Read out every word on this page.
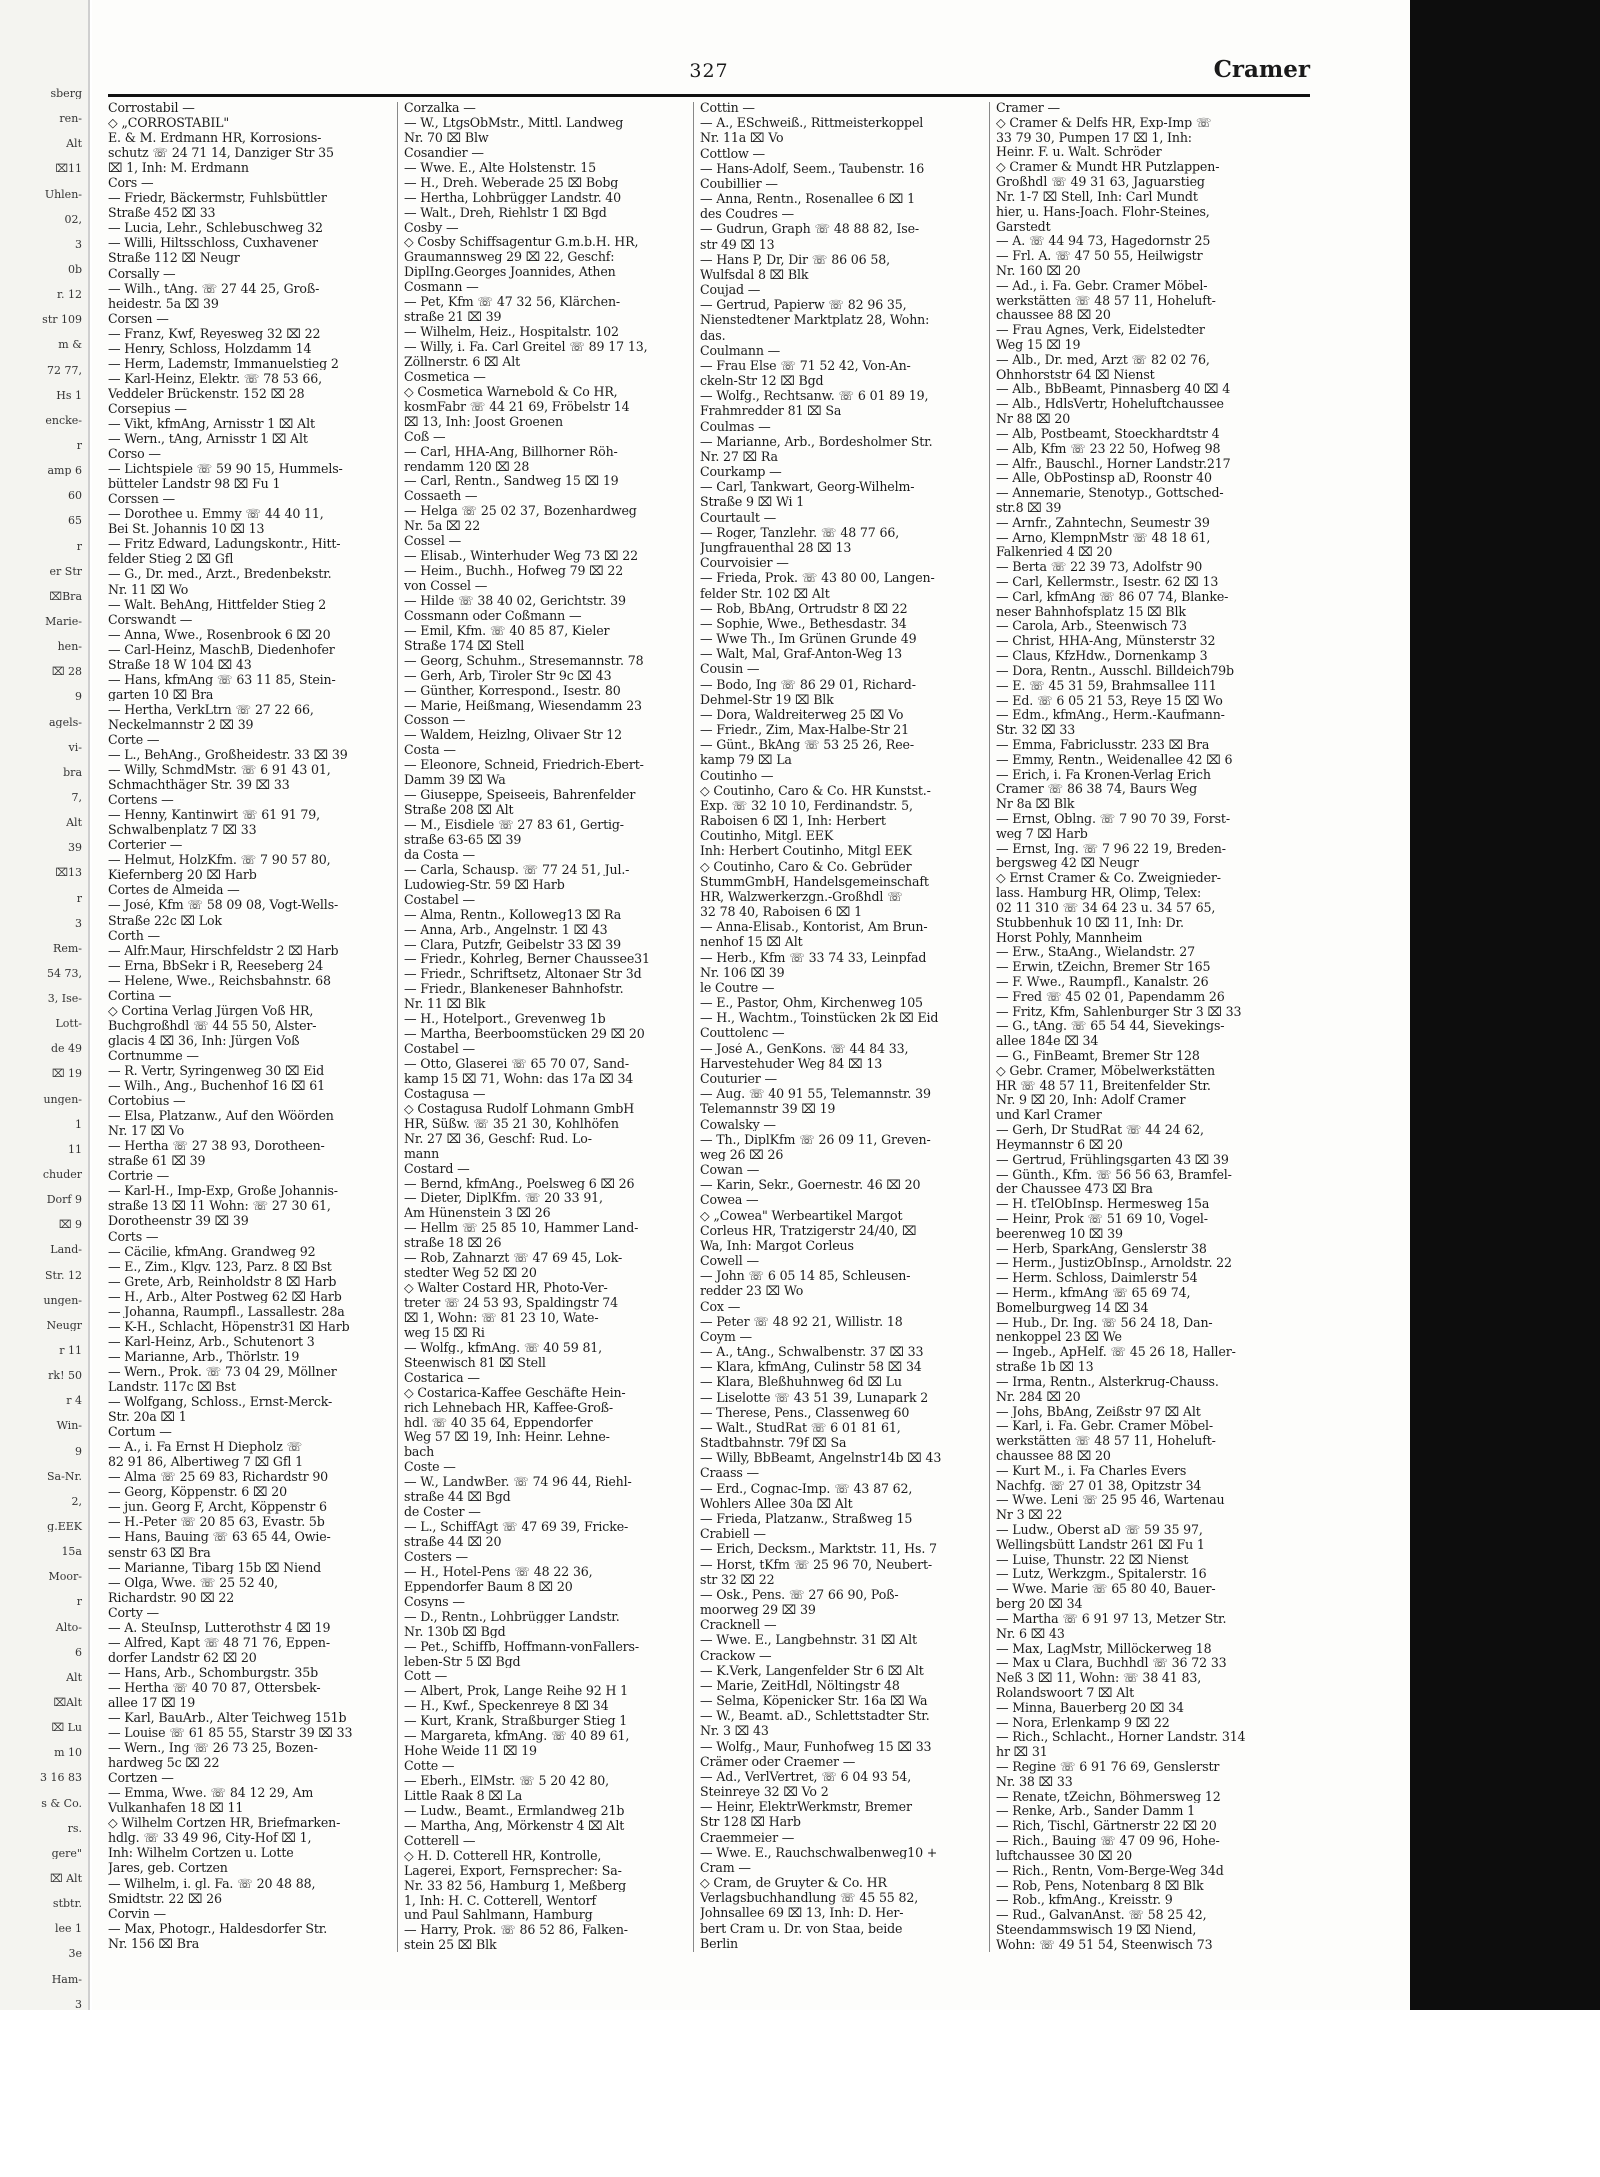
sberg
ren-
Alt
⌧11
Uhlen-
02,
3
0b
r. 12
str 109
m &
72 77,
Hs 1
encke-
r
amp 6
60
65
r
er Str
⌧Bra
Marie-
hen-
⌧ 28
9
agels-
vi-
bra
7,
Alt
39
⌧13
r
3
Rem-
54 73,
3, Ise-
Lott-
de 49
⌧ 19
ungen-
1
11
chuder
Dorf 9
⌧ 9
Land-
Str. 12
ungen-
Neugr
r 11
rk! 50
r 4
Win-
9
Sa-Nr.
2,
g.EEK
15a
Moor-
r
Alto-
6
Alt
⌧Alt
⌧ Lu
m 10
3 16 83
s & Co.
rs.
gere"
⌧ Alt
stbtr.
lee 1
3e
Ham-
3
327	Cramer
Corrostabil —
◇ „CORROSTABIL"
E. & M. Erdmann HR, Korrosions-
schutz ☏ 24 71 14, Danziger Str 35
⌧ 1, Inh: M. Erdmann
Cors —
— Friedr, Bäckermstr, Fuhlsbüttler
Straße 452 ⌧ 33
— Lucia, Lehr., Schlebuschweg 32
— Willi, Hiltsschloss, Cuxhavener
Straße 112 ⌧ Neugr
Corsally —
— Wilh., tAng. ☏ 27 44 25, Groß-
heidestr. 5a ⌧ 39
Corsen —
— Franz, Kwf, Reyesweg 32 ⌧ 22
— Henry, Schloss, Holzdamm 14
— Herm, Lademstr, Immanuelstieg 2
— Karl-Heinz, Elektr. ☏ 78 53 66,
Veddeler Brückenstr. 152 ⌧ 28
Corsepius —
— Vikt, kfmAng, Arnisstr 1 ⌧ Alt
— Wern., tAng, Arnisstr 1 ⌧ Alt
Corso —
— Lichtspiele ☏ 59 90 15, Hummels-
bütteler Landstr 98 ⌧ Fu 1
Corssen —
— Dorothee u. Emmy ☏ 44 40 11,
Bei St. Johannis 10 ⌧ 13
— Fritz Edward, Ladungskontr., Hitt-
felder Stieg 2 ⌧ Gfl
— G., Dr. med., Arzt., Bredenbekstr.
Nr. 11 ⌧ Wo
— Walt. BehAng, Hittfelder Stieg 2
Corswandt —
— Anna, Wwe., Rosenbrook 6 ⌧ 20
— Carl-Heinz, MaschB, Diedenhofer
Straße 18 W 104 ⌧ 43
— Hans, kfmAng ☏ 63 11 85, Stein-
garten 10 ⌧ Bra
— Hertha, VerkLtrn ☏ 27 22 66,
Neckelmannstr 2 ⌧ 39
Corte —
— L., BehAng., Großheidestr. 33 ⌧ 39
— Willy, SchmdMstr. ☏ 6 91 43 01,
Schmachthäger Str. 39 ⌧ 33
Cortens —
— Henny, Kantinwirt ☏ 61 91 79,
Schwalbenplatz 7 ⌧ 33
Corterier —
— Helmut, HolzKfm. ☏ 7 90 57 80,
Kiefernberg 20 ⌧ Harb
Cortes de Almeida —
— José, Kfm ☏ 58 09 08, Vogt-Wells-
Straße 22c ⌧ Lok
Corth —
— Alfr.Maur, Hirschfeldstr 2 ⌧ Harb
— Erna, BbSekr i R, Reeseberg 24
— Helene, Wwe., Reichsbahnstr. 68
Cortina —
◇ Cortina Verlag Jürgen Voß HR,
Buchgroßhdl ☏ 44 55 50, Alster-
glacis 4 ⌧ 36, Inh: Jürgen Voß
Cortnumme —
— R. Vertr, Syringenweg 30 ⌧ Eid
— Wilh., Ang., Buchenhof 16 ⌧ 61
Cortobius —
— Elsa, Platzanw., Auf den Wöörden
Nr. 17 ⌧ Vo
— Hertha ☏ 27 38 93, Dorotheen-
straße 61 ⌧ 39
Cortrie —
— Karl-H., Imp-Exp, Große Johannis-
straße 13 ⌧ 11 Wohn: ☏ 27 30 61,
Dorotheenstr 39 ⌧ 39
Corts —
— Cäcilie, kfmAng. Grandweg 92
— E., Zim., Klgv. 123, Parz. 8 ⌧ Bst
— Grete, Arb, Reinholdstr 8 ⌧ Harb
— H., Arb., Alter Postweg 62 ⌧ Harb
— Johanna, Raumpfl., Lassallestr. 28a
— K-H., Schlacht, Höpenstr31 ⌧ Harb
— Karl-Heinz, Arb., Schutenort 3
— Marianne, Arb., Thörlstr. 19
— Wern., Prok. ☏ 73 04 29, Möllner
Landstr. 117c ⌧ Bst
— Wolfgang, Schloss., Ernst-Merck-
Str. 20a ⌧ 1
Cortum —
— A., i. Fa Ernst H Diepholz ☏
82 91 86, Albertiweg 7 ⌧ Gfl 1
— Alma ☏ 25 69 83, Richardstr 90
— Georg, Köppenstr. 6 ⌧ 20
— jun. Georg F, Archt, Köppenstr 6
— H.-Peter ☏ 20 85 63, Evastr. 5b
— Hans, Bauing ☏ 63 65 44, Owie-
senstr 63 ⌧ Bra
— Marianne, Tibarg 15b ⌧ Niend
— Olga, Wwe. ☏ 25 52 40,
Richardstr. 90 ⌧ 22
Corty —
— A. SteuInsp, Lutterothstr 4 ⌧ 19
— Alfred, Kapt ☏ 48 71 76, Eppen-
dorfer Landstr 62 ⌧ 20
— Hans, Arb., Schomburgstr. 35b
— Hertha ☏ 40 70 87, Ottersbek-
allee 17 ⌧ 19
— Karl, BauArb., Alter Teichweg 151b
— Louise ☏ 61 85 55, Starstr 39 ⌧ 33
— Wern., Ing ☏ 26 73 25, Bozen-
hardweg 5c ⌧ 22
Cortzen —
— Emma, Wwe. ☏ 84 12 29, Am
Vulkanhafen 18 ⌧ 11
◇ Wilhelm Cortzen HR, Briefmarken-
hdlg. ☏ 33 49 96, City-Hof ⌧ 1,
Inh: Wilhelm Cortzen u. Lotte
Jares, geb. Cortzen
— Wilhelm, i. gl. Fa. ☏ 20 48 88,
Smidtstr. 22 ⌧ 26
Corvin —
— Max, Photogr., Haldesdorfer Str.
Nr. 156 ⌧ Bra
Corzalka —
— W., LtgsObMstr., Mittl. Landweg
Nr. 70 ⌧ Blw
Cosandier —
— Wwe. E., Alte Holstenstr. 15
— H., Dreh. Weberade 25 ⌧ Bobg
— Hertha, Lohbrügger Landstr. 40
— Walt., Dreh, Riehlstr 1 ⌧ Bgd
Cosby —
◇ Cosby Schiffsagentur G.m.b.H. HR,
Graumannsweg 29 ⌧ 22, Geschf:
DiplIng.Georges Joannides, Athen
Cosmann —
— Pet, Kfm ☏ 47 32 56, Klärchen-
straße 21 ⌧ 39
— Wilhelm, Heiz., Hospitalstr. 102
— Willy, i. Fa. Carl Greitel ☏ 89 17 13,
Zöllnerstr. 6 ⌧ Alt
Cosmetica —
◇ Cosmetica Warnebold & Co HR,
kosmFabr ☏ 44 21 69, Fröbelstr 14
⌧ 13, Inh: Joost Groenen
Coß —
— Carl, HHA-Ang, Billhorner Röh-
rendamm 120 ⌧ 28
— Carl, Rentn., Sandweg 15 ⌧ 19
Cossaeth —
— Helga ☏ 25 02 37, Bozenhardweg
Nr. 5a ⌧ 22
Cossel —
— Elisab., Winterhuder Weg 73 ⌧ 22
— Heim., Buchh., Hofweg 79 ⌧ 22
von Cossel —
— Hilde ☏ 38 40 02, Gerichtstr. 39
Cossmann oder Coßmann —
— Emil, Kfm. ☏ 40 85 87, Kieler
Straße 174 ⌧ Stell
— Georg, Schuhm., Stresemannstr. 78
— Gerh, Arb, Tiroler Str 9c ⌧ 43
— Günther, Korrespond., Isestr. 80
— Marie, Heißmang, Wiesendamm 23
Cosson —
— Waldem, Heizlng, Olivaer Str 12
Costa —
— Eleonore, Schneid, Friedrich-Ebert-
Damm 39 ⌧ Wa
— Giuseppe, Speiseeis, Bahrenfelder
Straße 208 ⌧ Alt
— M., Eisdiele ☏ 27 83 61, Gertig-
straße 63-65 ⌧ 39
da Costa —
— Carla, Schausp. ☏ 77 24 51, Jul.-
Ludowieg-Str. 59 ⌧ Harb
Costabel —
— Alma, Rentn., Kolloweg13 ⌧ Ra
— Anna, Arb., Angelnstr. 1 ⌧ 43
— Clara, Putzfr, Geibelstr 33 ⌧ 39
— Friedr., Kohrleg, Berner Chaussee31
— Friedr., Schriftsetz, Altonaer Str 3d
— Friedr., Blankeneser Bahnhofstr.
Nr. 11 ⌧ Blk
— H., Hotelport., Grevenweg 1b
— Martha, Beerboomstücken 29 ⌧ 20
Costabel —
— Otto, Glaserei ☏ 65 70 07, Sand-
kamp 15 ⌧ 71, Wohn: das 17a ⌧ 34
Costagusa —
◇ Costagusa Rudolf Lohmann GmbH
HR, Süßw. ☏ 35 21 30, Kohlhöfen
Nr. 27 ⌧ 36, Geschf: Rud. Lo-
mann
Costard —
— Bernd, kfmAng., Poelsweg 6 ⌧ 26
— Dieter, DiplKfm. ☏ 20 33 91,
Am Hünenstein 3 ⌧ 26
— Hellm ☏ 25 85 10, Hammer Land-
straße 18 ⌧ 26
— Rob, Zahnarzt ☏ 47 69 45, Lok-
stedter Weg 52 ⌧ 20
◇ Walter Costard HR, Photo-Ver-
treter ☏ 24 53 93, Spaldingstr 74
⌧ 1, Wohn: ☏ 81 23 10, Wate-
weg 15 ⌧ Ri
— Wolfg., kfmAng. ☏ 40 59 81,
Steenwisch 81 ⌧ Stell
Costarica —
◇ Costarica-Kaffee Geschäfte Hein-
rich Lehnebach HR, Kaffee-Groß-
hdl. ☏ 40 35 64, Eppendorfer
Weg 57 ⌧ 19, Inh: Heinr. Lehne-
bach
Coste —
— W., LandwBer. ☏ 74 96 44, Riehl-
straße 44 ⌧ Bgd
de Coster —
— L., SchiffAgt ☏ 47 69 39, Fricke-
straße 44 ⌧ 20
Costers —
— H., Hotel-Pens ☏ 48 22 36,
Eppendorfer Baum 8 ⌧ 20
Cosyns —
— D., Rentn., Lohbrügger Landstr.
Nr. 130b ⌧ Bgd
— Pet., Schiffb, Hoffmann-vonFallers-
leben-Str 5 ⌧ Bgd
Cott —
— Albert, Prok, Lange Reihe 92 H 1
— H., Kwf., Speckenreye 8 ⌧ 34
— Kurt, Krank, Straßburger Stieg 1
— Margareta, kfmAng. ☏ 40 89 61,
Hohe Weide 11 ⌧ 19
Cotte —
— Eberh., ElMstr. ☏ 5 20 42 80,
Little Raak 8 ⌧ La
— Ludw., Beamt., Ermlandweg 21b
— Martha, Ang, Mörkenstr 4 ⌧ Alt
Cotterell —
◇ H. D. Cotterell HR, Kontrolle,
Lagerei, Export, Fernsprecher: Sa-
Nr. 33 82 56, Hamburg 1, Meßberg
1, Inh: H. C. Cotterell, Wentorf
und Paul Sahlmann, Hamburg
— Harry, Prok. ☏ 86 52 86, Falken-
stein 25 ⌧ Blk
Cottin —
— A., ESchweiß., Rittmeisterkoppel
Nr. 11a ⌧ Vo
Cottlow —
— Hans-Adolf, Seem., Taubenstr. 16
Coubillier —
— Anna, Rentn., Rosenallee 6 ⌧ 1
des Coudres —
— Gudrun, Graph ☏ 48 88 82, Ise-
str 49 ⌧ 13
— Hans P, Dr, Dir ☏ 86 06 58,
Wulfsdal 8 ⌧ Blk
Coujad —
— Gertrud, Papierw ☏ 82 96 35,
Nienstedtener Marktplatz 28, Wohn:
das.
Coulmann —
— Frau Else ☏ 71 52 42, Von-An-
ckeln-Str 12 ⌧ Bgd
— Wolfg., Rechtsanw. ☏ 6 01 89 19,
Frahmredder 81 ⌧ Sa
Coulmas —
— Marianne, Arb., Bordesholmer Str.
Nr. 27 ⌧ Ra
Courkamp —
— Carl, Tankwart, Georg-Wilhelm-
Straße 9 ⌧ Wi 1
Courtault —
— Roger, Tanzlehr. ☏ 48 77 66,
Jungfrauenthal 28 ⌧ 13
Courvoisier —
— Frieda, Prok. ☏ 43 80 00, Langen-
felder Str. 102 ⌧ Alt
— Rob, BbAng, Ortrudstr 8 ⌧ 22
— Sophie, Wwe., Bethesdastr. 34
— Wwe Th., Im Grünen Grunde 49
— Walt, Mal, Graf-Anton-Weg 13
Cousin —
— Bodo, Ing ☏ 86 29 01, Richard-
Dehmel-Str 19 ⌧ Blk
— Dora, Waldreiterweg 25 ⌧ Vo
— Friedr., Zim, Max-Halbe-Str 21
— Günt., BkAng ☏ 53 25 26, Ree-
kamp 79 ⌧ La
Coutinho —
◇ Coutinho, Caro & Co. HR Kunstst.-
Exp. ☏ 32 10 10, Ferdinandstr. 5,
Raboisen 6 ⌧ 1, Inh: Herbert
Coutinho, Mitgl. EEK
Inh: Herbert Coutinho, Mitgl EEK
◇ Coutinho, Caro & Co. Gebrüder
StummGmbH, Handelsgemeinschaft
HR, Walzwerkerzgn.-Großhdl ☏
32 78 40, Raboisen 6 ⌧ 1
— Anna-Elisab., Kontorist, Am Brun-
nenhof 15 ⌧ Alt
— Herb., Kfm ☏ 33 74 33, Leinpfad
Nr. 106 ⌧ 39
le Coutre —
— E., Pastor, Ohm, Kirchenweg 105
— H., Wachtm., Toinstücken 2k ⌧ Eid
Couttolenc —
— José A., GenKons. ☏ 44 84 33,
Harvestehuder Weg 84 ⌧ 13
Couturier —
— Aug. ☏ 40 91 55, Telemannstr. 39
Telemannstr 39 ⌧ 19
Cowalsky —
— Th., DiplKfm ☏ 26 09 11, Greven-
weg 26 ⌧ 26
Cowan —
— Karin, Sekr., Goernestr. 46 ⌧ 20
Cowea —
◇ „Cowea" Werbeartikel Margot
Corleus HR, Tratzigerstr 24/40, ⌧
Wa, Inh: Margot Corleus
Cowell —
— John ☏ 6 05 14 85, Schleusen-
redder 23 ⌧ Wo
Cox —
— Peter ☏ 48 92 21, Willistr. 18
Coym —
— A., tAng., Schwalbenstr. 37 ⌧ 33
— Klara, kfmAng, Culinstr 58 ⌧ 34
— Klara, Bleßhuhnweg 6d ⌧ Lu
— Liselotte ☏ 43 51 39, Lunapark 2
— Therese, Pens., Classenweg 60
— Walt., StudRat ☏ 6 01 81 61,
Stadtbahnstr. 79f ⌧ Sa
— Willy, BbBeamt, Angelnstr14b ⌧ 43
Craass —
— Erd., Cognac-Imp. ☏ 43 87 62,
Wohlers Allee 30a ⌧ Alt
— Frieda, Platzanw., Straßweg 15
Crabiell —
— Erich, Decksm., Marktstr. 11, Hs. 7
— Horst, tKfm ☏ 25 96 70, Neubert-
str 32 ⌧ 22
— Osk., Pens. ☏ 27 66 90, Poß-
moorweg 29 ⌧ 39
Cracknell —
— Wwe. E., Langbehnstr. 31 ⌧ Alt
Crackow —
— K.Verk, Langenfelder Str 6 ⌧ Alt
— Marie, ZeitHdl, Nöltingstr 48
— Selma, Köpenicker Str. 16a ⌧ Wa
— W., Beamt. aD., Schlettstadter Str.
Nr. 3 ⌧ 43
— Wolfg., Maur, Funhofweg 15 ⌧ 33
Crämer oder Craemer —
— Ad., VerlVertret, ☏ 6 04 93 54,
Steinreye 32 ⌧ Vo 2
— Heinr, ElektrWerkmstr, Bremer
Str 128 ⌧ Harb
Craemmeier —
— Wwe. E., Rauchschwalbenweg10 +
Cram —
◇ Cram, de Gruyter & Co. HR
Verlagsbuchhandlung ☏ 45 55 82,
Johnsallee 69 ⌧ 13, Inh: D. Her-
bert Cram u. Dr. von Staa, beide
Berlin
Cramer —
◇ Cramer & Delfs HR, Exp-Imp ☏
33 79 30, Pumpen 17 ⌧ 1, Inh:
Heinr. F. u. Walt. Schröder
◇ Cramer & Mundt HR Putzlappen-
Großhdl ☏ 49 31 63, Jaguarstieg
Nr. 1-7 ⌧ Stell, Inh: Carl Mundt
hier, u. Hans-Joach. Flohr-Steines,
Garstedt
— A. ☏ 44 94 73, Hagedornstr 25
— Frl. A. ☏ 47 50 55, Heilwigstr
Nr. 160 ⌧ 20
— Ad., i. Fa. Gebr. Cramer Möbel-
werkstätten ☏ 48 57 11, Hoheluft-
chaussee 88 ⌧ 20
— Frau Agnes, Verk, Eidelstedter
Weg 15 ⌧ 19
— Alb., Dr. med, Arzt ☏ 82 02 76,
Ohnhorststr 64 ⌧ Nienst
— Alb., BbBeamt, Pinnasberg 40 ⌧ 4
— Alb., HdlsVertr, Hoheluftchaussee
Nr 88 ⌧ 20
— Alb, Postbeamt, Stoeckhardtstr 4
— Alb, Kfm ☏ 23 22 50, Hofweg 98
— Alfr., Bauschl., Horner Landstr.217
— Alle, ObPostinsp aD, Roonstr 40
— Annemarie, Stenotyp., Gottsched-
str.8 ⌧ 39
— Arnfr., Zahntechn, Seumestr 39
— Arno, KlempnMstr ☏ 48 18 61,
Falkenried 4 ⌧ 20
— Berta ☏ 22 39 73, Adolfstr 90
— Carl, Kellermstr., Isestr. 62 ⌧ 13
— Carl, kfmAng ☏ 86 07 74, Blanke-
neser Bahnhofsplatz 15 ⌧ Blk
— Carola, Arb., Steenwisch 73
— Christ, HHA-Ang, Münsterstr 32
— Claus, KfzHdw., Dornenkamp 3
— Dora, Rentn., Ausschl. Billdeich79b
— E. ☏ 45 31 59, Brahmsallee 111
— Ed. ☏ 6 05 21 53, Reye 15 ⌧ Wo
— Edm., kfmAng., Herm.-Kaufmann-
Str. 32 ⌧ 33
— Emma, Fabriclusstr. 233 ⌧ Bra
— Emmy, Rentn., Weidenallee 42 ⌧ 6
— Erich, i. Fa Kronen-Verlag Erich
Cramer ☏ 86 38 74, Baurs Weg
Nr 8a ⌧ Blk
— Ernst, Oblng. ☏ 7 90 70 39, Forst-
weg 7 ⌧ Harb
— Ernst, Ing. ☏ 7 96 22 19, Breden-
bergsweg 42 ⌧ Neugr
◇ Ernst Cramer & Co. Zweignieder-
lass. Hamburg HR, Olimp, Telex:
02 11 310 ☏ 34 64 23 u. 34 57 65,
Stubbenhuk 10 ⌧ 11, Inh: Dr.
Horst Pohly, Mannheim
— Erw., StaAng., Wielandstr. 27
— Erwin, tZeichn, Bremer Str 165
— F. Wwe., Raumpfl., Kanalstr. 26
— Fred ☏ 45 02 01, Papendamm 26
— Fritz, Kfm, Sahlenburger Str 3 ⌧ 33
— G., tAng. ☏ 65 54 44, Sievekings-
allee 184e ⌧ 34
— G., FinBeamt, Bremer Str 128
◇ Gebr. Cramer, Möbelwerkstätten
HR ☏ 48 57 11, Breitenfelder Str.
Nr. 9 ⌧ 20, Inh: Adolf Cramer
und Karl Cramer
— Gerh, Dr StudRat ☏ 44 24 62,
Heymannstr 6 ⌧ 20
— Gertrud, Frühlingsgarten 43 ⌧ 39
— Günth., Kfm. ☏ 56 56 63, Bramfel-
der Chaussee 473 ⌧ Bra
— H. tTelObInsp. Hermesweg 15a
— Heinr, Prok ☏ 51 69 10, Vogel-
beerenweg 10 ⌧ 39
— Herb, SparkAng, Genslerstr 38
— Herm., JustizObInsp., Arnoldstr. 22
— Herm. Schloss, Daimlerstr 54
— Herm., kfmAng ☏ 65 69 74,
Bomelburgweg 14 ⌧ 34
— Hub., Dr. Ing. ☏ 56 24 18, Dan-
nenkoppel 23 ⌧ We
— Ingeb., ApHelf. ☏ 45 26 18, Haller-
straße 1b ⌧ 13
— Irma, Rentn., Alsterkrug-Chauss.
Nr. 284 ⌧ 20
— Johs, BbAng, Zeißstr 97 ⌧ Alt
— Karl, i. Fa. Gebr. Cramer Möbel-
werkstätten ☏ 48 57 11, Hoheluft-
chaussee 88 ⌧ 20
— Kurt M., i. Fa Charles Evers
Nachfg. ☏ 27 01 38, Opitzstr 34
— Wwe. Leni ☏ 25 95 46, Wartenau
Nr 3 ⌧ 22
— Ludw., Oberst aD ☏ 59 35 97,
Wellingsbütt Landstr 261 ⌧ Fu 1
— Luise, Thunstr. 22 ⌧ Nienst
— Lutz, Werkzgm., Spitalerstr. 16
— Wwe. Marie ☏ 65 80 40, Bauer-
berg 20 ⌧ 34
— Martha ☏ 6 91 97 13, Metzer Str.
Nr. 6 ⌧ 43
— Max, LagMstr, Millöckerweg 18
— Max u Clara, Buchhdl ☏ 36 72 33
Neß 3 ⌧ 11, Wohn: ☏ 38 41 83,
Rolandswoort 7 ⌧ Alt
— Minna, Bauerberg 20 ⌧ 34
— Nora, Erlenkamp 9 ⌧ 22
— Rich., Schlacht., Horner Landstr. 314
hr ⌧ 31
— Regine ☏ 6 91 76 69, Genslerstr
Nr. 38 ⌧ 33
— Renate, tZeichn, Böhmersweg 12
— Renke, Arb., Sander Damm 1
— Rich, Tischl, Gärtnerstr 22 ⌧ 20
— Rich., Bauing ☏ 47 09 96, Hohe-
luftchaussee 30 ⌧ 20
— Rich., Rentn, Vom-Berge-Weg 34d
— Rob, Pens, Notenbarg 8 ⌧ Blk
— Rob., kfmAng., Kreisstr. 9
— Rud., GalvanAnst. ☏ 58 25 42,
Steendammswisch 19 ⌧ Niend,
Wohn: ☏ 49 51 54, Steenwisch 73
